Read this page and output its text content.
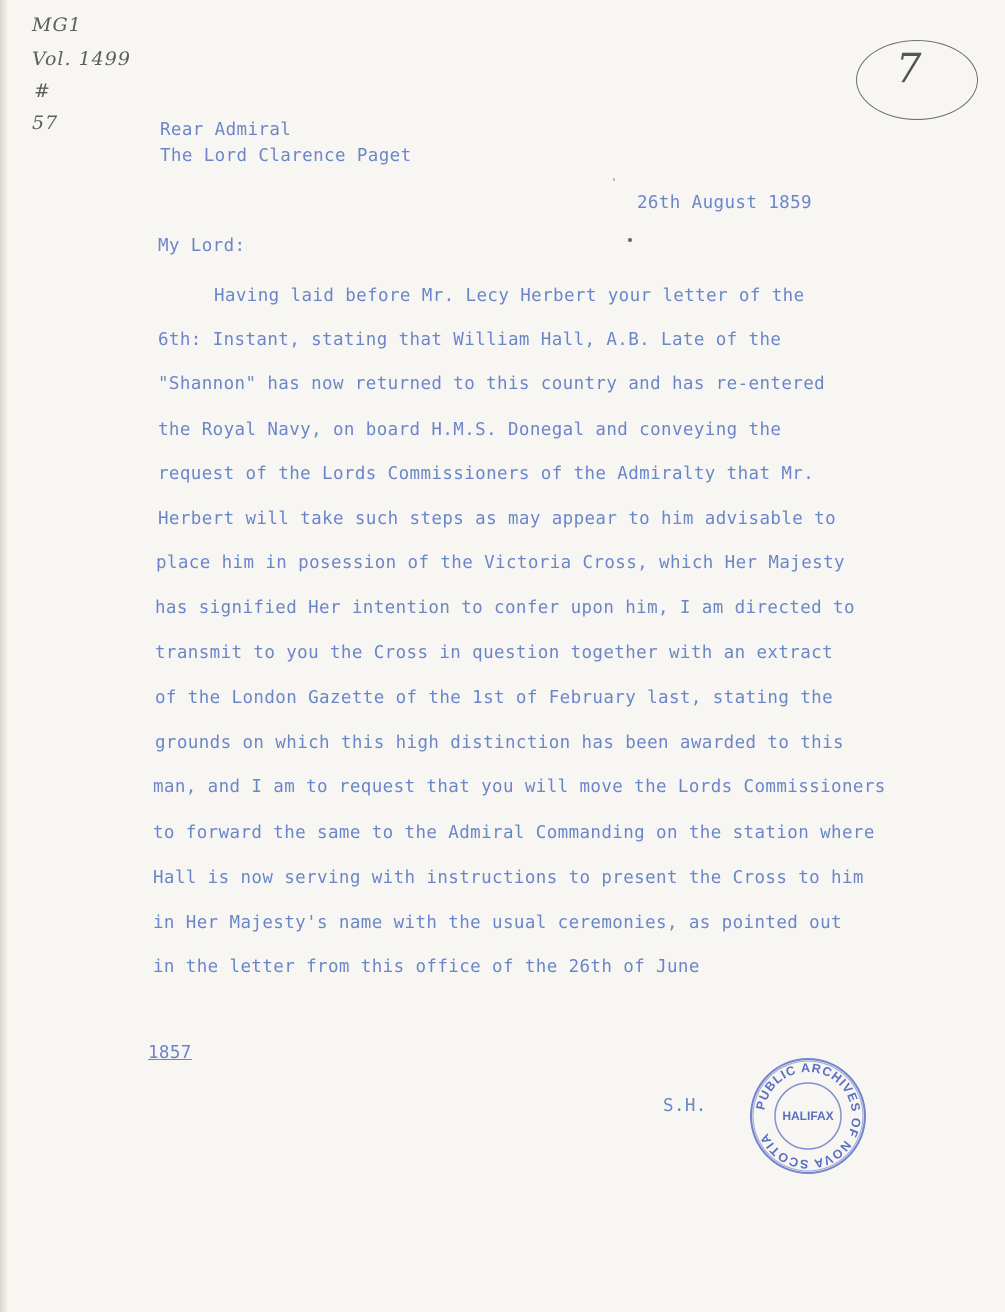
MG1
Vol. 1499
#
57
7
Rear Admiral
The Lord Clarence Paget
26th August 1859
My Lord:
Having laid before Mr. Lecy Herbert your letter of the
6th: Instant, stating that William Hall, A.B. Late of the
"Shannon" has now returned to this country and has re-entered
the Royal Navy, on board H.M.S. Donegal and conveying the
request of the Lords Commissioners of the Admiralty that Mr.
Herbert will take such steps as may appear to him advisable to
place him in posession of the Victoria Cross, which Her Majesty
has signified Her intention to confer upon him, I am directed to
transmit to you the Cross in question together with an extract
of the London Gazette of the 1st of February last, stating the
grounds on which this high distinction has been awarded to this
man, and I am to request that you will move the Lords Commissioners
to forward the same to the Admiral Commanding on the station where
Hall is now serving with instructions to present the Cross to him
in Her Majesty's name with the usual ceremonies, as pointed out
in the letter from this office of the 26th of June
1857
S.H.	PUBLIC ARCHIVES OF NOVA SCOTIA
HALIFAX
